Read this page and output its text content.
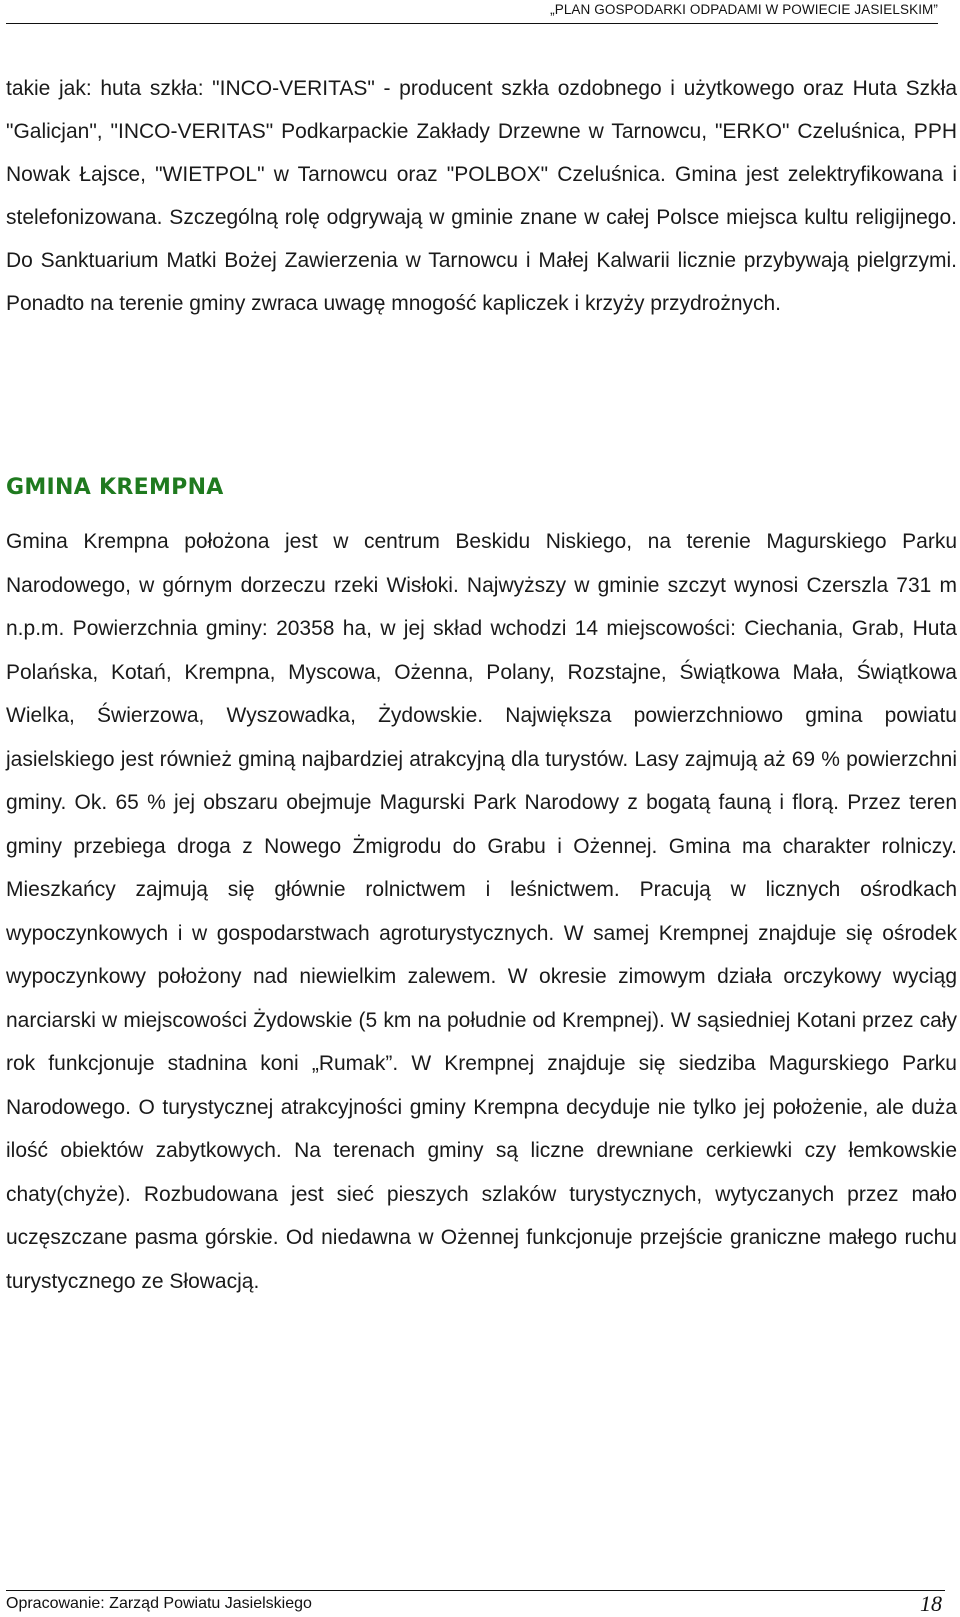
„PLAN GOSPODARKI ODPADAMI W POWIECIE JASIELSKIM”

takie jak: huta szkła: "INCO-VERITAS" - producent szkła ozdobnego i użytkowego oraz Huta Szkła "Galicjan", "INCO-VERITAS" Podkarpackie Zakłady Drzewne w Tarnowcu, "ERKO" Czeluśnica, PPH Nowak Łajsce, "WIETPOL" w Tarnowcu oraz "POLBOX" Czeluśnica. Gmina jest zelektryfikowana i stelefonizowana. Szczególną rolę odgrywają w gminie znane w całej Polsce miejsca kultu religijnego. Do Sanktuarium Matki Bożej Zawierzenia w Tarnowcu i Małej Kalwarii licznie przybywają pielgrzymi. Ponadto na terenie gminy zwraca uwagę mnogość kapliczek i krzyży przydrożnych.

GMINA KREMPNA

Gmina Krempna położona jest w centrum Beskidu Niskiego, na terenie Magurskiego Parku Narodowego, w górnym dorzeczu rzeki Wisłoki. Najwyższy w gminie szczyt wynosi Czerszla 731 m n.p.m. Powierzchnia gminy: 20358 ha, w jej skład wchodzi 14 miejscowości: Ciechania, Grab, Huta Polańska, Kotań, Krempna, Myscowa, Ożenna, Polany, Rozstajne, Świątkowa Mała, Świątkowa Wielka, Świerzowa, Wyszowadka, Żydowskie. Największa powierzchniowo gmina powiatu jasielskiego jest również gminą najbardziej atrakcyjną dla turystów. Lasy zajmują aż 69 % powierzchni gminy. Ok. 65 % jej obszaru obejmuje Magurski Park Narodowy z bogatą fauną i florą. Przez teren gminy przebiega droga z Nowego Żmigrodu do Grabu i Ożennej. Gmina ma charakter rolniczy. Mieszkańcy zajmują się głównie rolnictwem i leśnictwem. Pracują w licznych ośrodkach wypoczynkowych i w gospodarstwach agroturystycznych. W samej Krempnej znajduje się ośrodek wypoczynkowy położony nad niewielkim zalewem. W okresie zimowym działa orczykowy wyciąg narciarski w miejscowości Żydowskie (5 km na południe od Krempnej). W sąsiedniej Kotani przez cały rok funkcjonuje stadnina koni „Rumak”. W Krempnej znajduje się siedziba Magurskiego Parku Narodowego. O turystycznej atrakcyjności gminy Krempna decyduje nie tylko jej położenie, ale duża ilość obiektów zabytkowych. Na terenach gminy są liczne drewniane cerkiewki czy łemkowskie chaty(chyże). Rozbudowana jest sieć pieszych szlaków turystycznych, wytyczanych przez mało uczęszczane pasma górskie. Od niedawna w Ożennej funkcjonuje przejście graniczne małego ruchu turystycznego ze Słowacją.

Opracowanie: Zarząd Powiatu Jasielskiego	18
